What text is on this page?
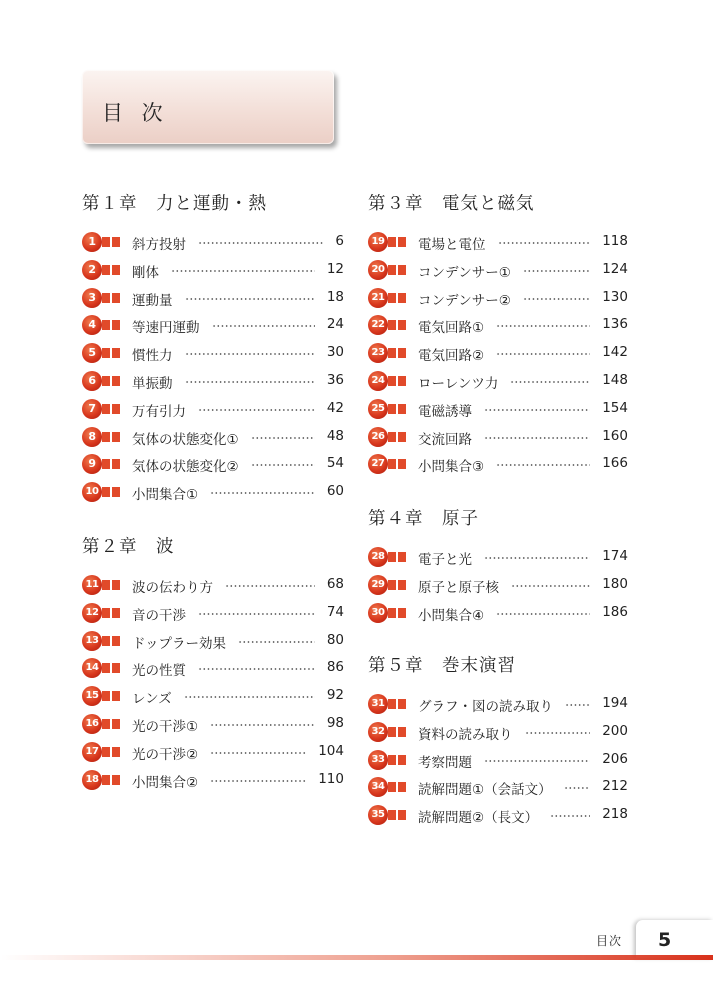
目 次
第１章　力と運動・熱
1	斜方投射	6
2	剛体	12
3	運動量	18
4	等速円運動	24
5	慣性力	30
6	単振動	36
7	万有引力	42
8	気体の状態変化①	48
9	気体の状態変化②	54
10 小問集合①	60
第２章　波
11 波の伝わり方	68
12 音の干渉	74
13 ドップラー効果	80
14 光の性質	86
15 レンズ	92
16 光の干渉①	98
17 光の干渉②	104
18 小問集合②	110
第３章　電気と磁気
19 電場と電位	118
20 コンデンサー①	124
21 コンデンサー②	130
22 電気回路①	136
23 電気回路②	142
24 ローレンツ力	148
25 電磁誘導	154
26 交流回路	160
27 小問集合③	166
第４章　原子
28 電子と光	174
29 原子と原子核	180
30 小問集合④	186
第５章　巻末演習
31 グラフ・図の読み取り	194
32 資料の読み取り	200
33 考察問題	206
34 読解問題①（会話文）	212
35 読解問題②（長文）	218
目次	5
